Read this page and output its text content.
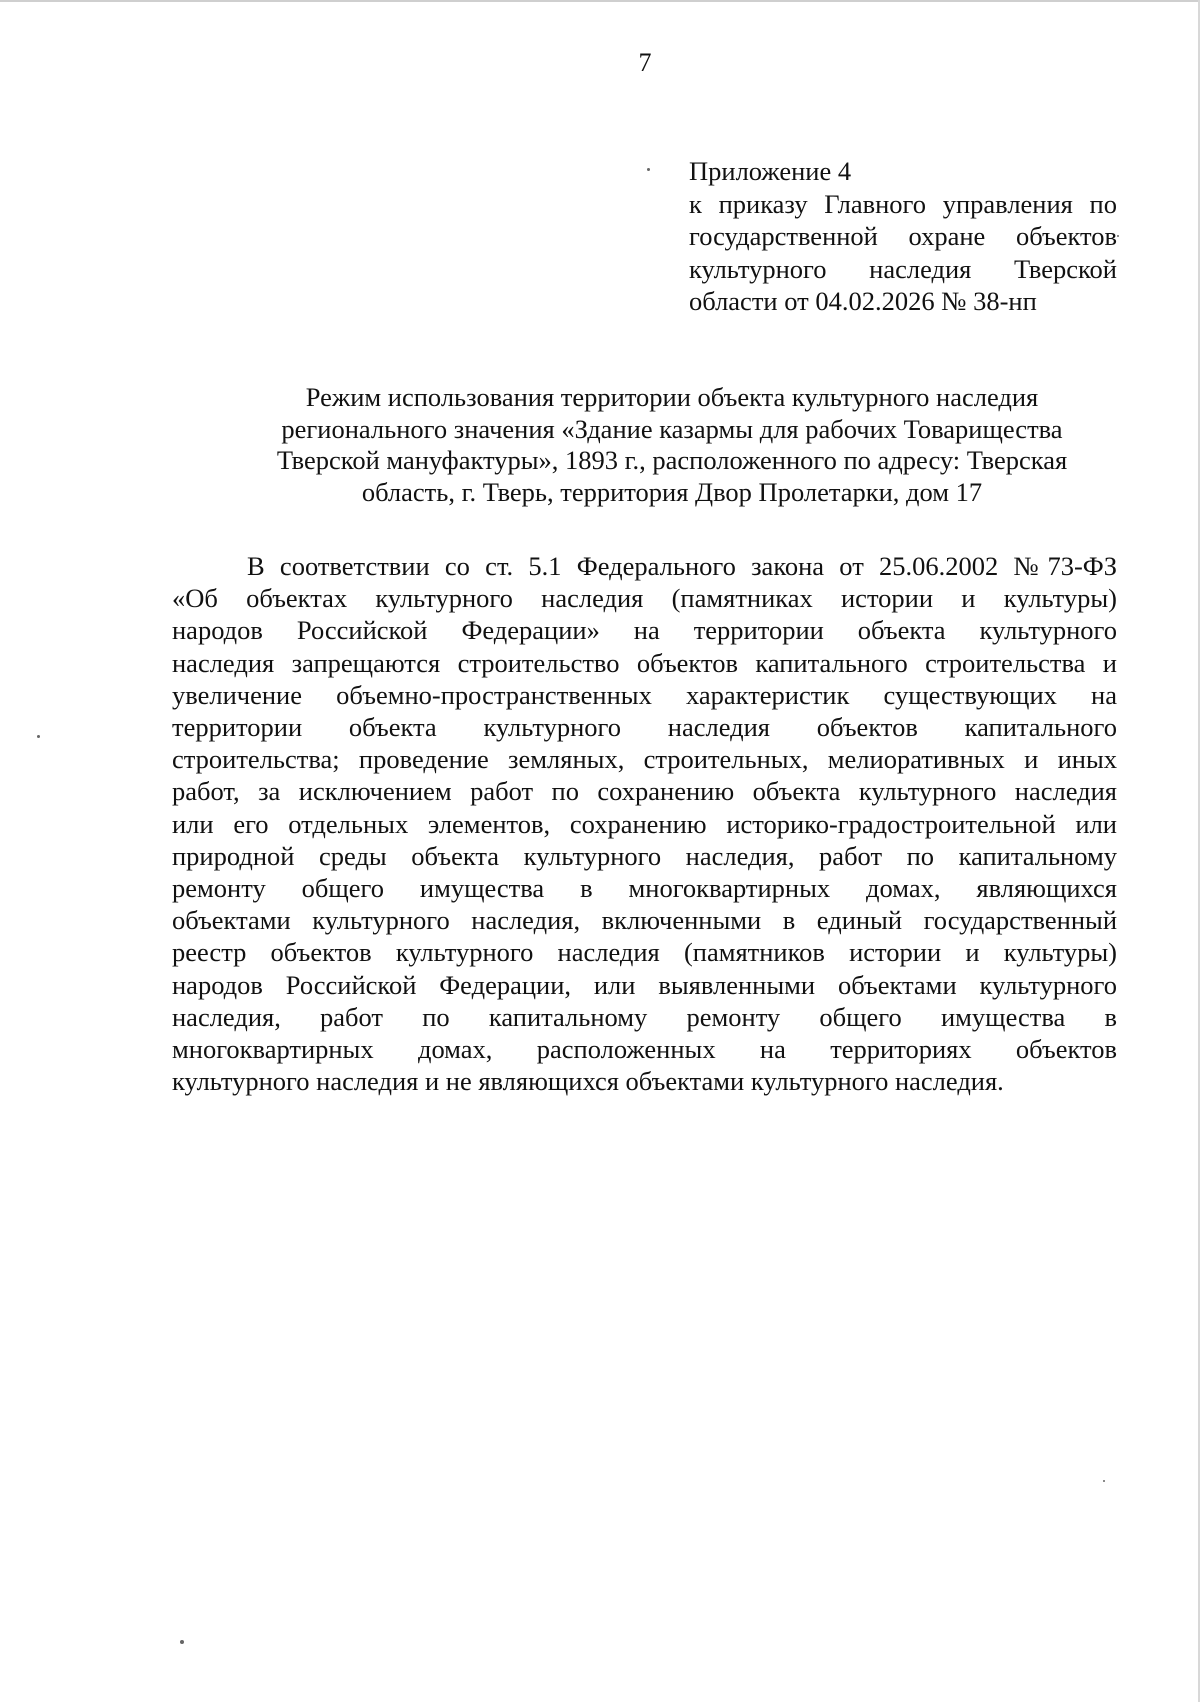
7
Приложение 4
к приказу Главного управления по
государственной охране объектов
культурного наследия Тверской
области от 04.02.2026 № 38-нп
Режим использования территории объекта культурного наследия
регионального значения «Здание казармы для рабочих Товарищества
Тверской мануфактуры», 1893 г., расположенного по адресу: Тверская
область, г. Тверь, территория Двор Пролетарки, дом 17
В соответствии со ст. 5.1 Федерального закона от 25.06.2002 №73-ФЗ
«Об объектах культурного наследия (памятниках истории и культуры)
народов Российской Федерации» на территории объекта культурного
наследия запрещаются строительство объектов капитального строительства и
увеличение объемно-пространственных характеристик существующих на
территории объекта культурного наследия объектов капитального
строительства; проведение земляных, строительных, мелиоративных и иных
работ, за исключением работ по сохранению объекта культурного наследия
или его отдельных элементов, сохранению историко-градостроительной или
природной среды объекта культурного наследия, работ по капитальному
ремонту общего имущества в многоквартирных домах, являющихся
объектами культурного наследия, включенными в единый государственный
реестр объектов культурного наследия (памятников истории и культуры)
народов Российской Федерации, или выявленными объектами культурного
наследия, работ по капитальному ремонту общего имущества в
многоквартирных домах, расположенных на территориях объектов
культурного наследия и не являющихся объектами культурного наследия.
